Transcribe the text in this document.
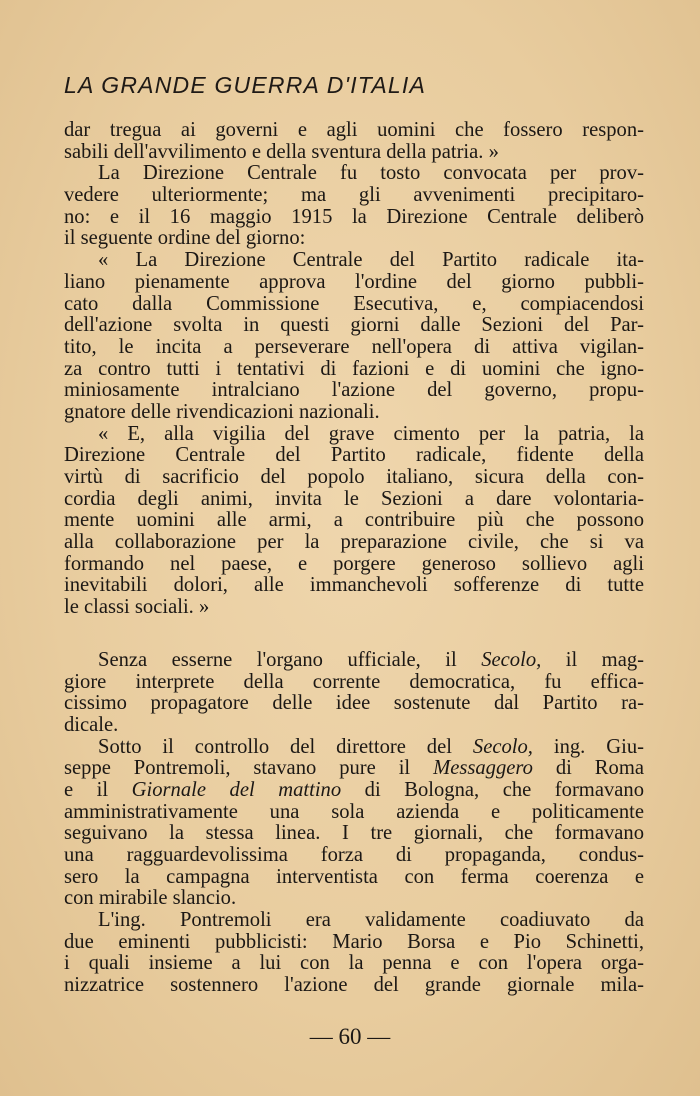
LA GRANDE GUERRA D'ITALIA
dar tregua ai governi e agli uomini che fossero respon-
sabili dell'avvilimento e della sventura della patria. »
La Direzione Centrale fu tosto convocata per prov-
vedere ulteriormente; ma gli avvenimenti precipitaro-
no: e il 16 maggio 1915 la Direzione Centrale deliberò
il seguente ordine del giorno:
« La Direzione Centrale del Partito radicale ita-
liano pienamente approva l'ordine del giorno pubbli-
cato dalla Commissione Esecutiva, e, compiacendosi
dell'azione svolta in questi giorni dalle Sezioni del Par-
tito, le incita a perseverare nell'opera di attiva vigilan-
za contro tutti i tentativi di fazioni e di uomini che igno-
miniosamente intralciano l'azione del governo, propu-
gnatore delle rivendicazioni nazionali.
« E, alla vigilia del grave cimento per la patria, la
Direzione Centrale del Partito radicale, fidente della
virtù di sacrificio del popolo italiano, sicura della con-
cordia degli animi, invita le Sezioni a dare volontaria-
mente uomini alle armi, a contribuire più che possono
alla collaborazione per la preparazione civile, che si va
formando nel paese, e porgere generoso sollievo agli
inevitabili dolori, alle immanchevoli sofferenze di tutte
le classi sociali. »
Senza esserne l'organo ufficiale, il Secolo, il mag-
giore interprete della corrente democratica, fu effica-
cissimo propagatore delle idee sostenute dal Partito ra-
dicale.
Sotto il controllo del direttore del Secolo, ing. Giu-
seppe Pontremoli, stavano pure il Messaggero di Roma
e il Giornale del mattino di Bologna, che formavano
amministrativamente una sola azienda e politicamente
seguivano la stessa linea. I tre giornali, che formavano
una ragguardevolissima forza di propaganda, condus-
sero la campagna interventista con ferma coerenza e
con mirabile slancio.
L'ing. Pontremoli era validamente coadiuvato da
due eminenti pubblicisti: Mario Borsa e Pio Schinetti,
i quali insieme a lui con la penna e con l'opera orga-
nizzatrice sostennero l'azione del grande giornale mila-
— 60 —
